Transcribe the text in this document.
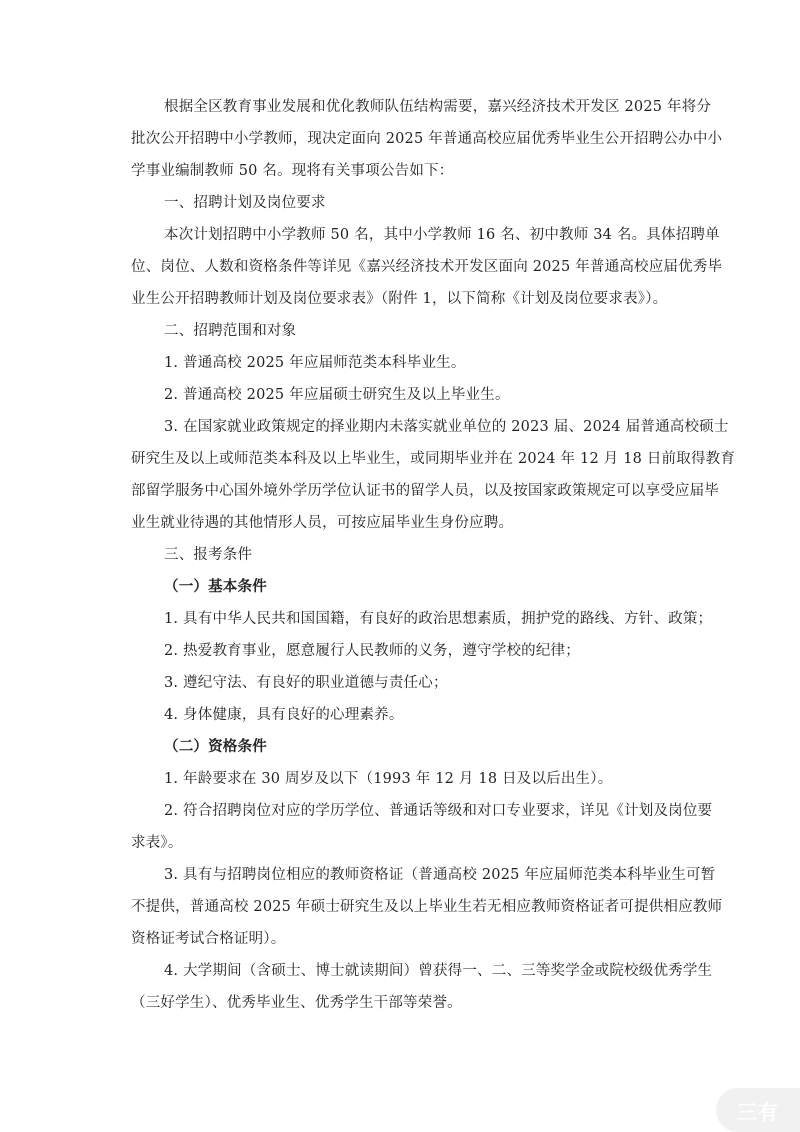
根据全区教育事业发展和优化教师队伍结构需要，嘉兴经济技术开发区 2025 年将分
批次公开招聘中小学教师，现决定面向 2025 年普通高校应届优秀毕业生公开招聘公办中小
学事业编制教师 50 名。现将有关事项公告如下：
一、招聘计划及岗位要求
本次计划招聘中小学教师 50 名，其中小学教师 16 名、初中教师 34 名。具体招聘单
位、岗位、人数和资格条件等详见《嘉兴经济技术开发区面向 2025 年普通高校应届优秀毕
业生公开招聘教师计划及岗位要求表》（附件 1，以下简称《计划及岗位要求表》）。
二、招聘范围和对象
1. 普通高校 2025 年应届师范类本科毕业生。
2. 普通高校 2025 年应届硕士研究生及以上毕业生。
3. 在国家就业政策规定的择业期内未落实就业单位的 2023 届、2024 届普通高校硕士
研究生及以上或师范类本科及以上毕业生，或同期毕业并在 2024 年 12 月 18 日前取得教育
部留学服务中心国外境外学历学位认证书的留学人员，以及按国家政策规定可以享受应届毕
业生就业待遇的其他情形人员，可按应届毕业生身份应聘。
三、报考条件
（一）基本条件
1. 具有中华人民共和国国籍，有良好的政治思想素质，拥护党的路线、方针、政策；
2. 热爱教育事业，愿意履行人民教师的义务，遵守学校的纪律；
3. 遵纪守法、有良好的职业道德与责任心；
4. 身体健康，具有良好的心理素养。
（二）资格条件
1. 年龄要求在 30 周岁及以下（1993 年 12 月 18 日及以后出生）。
2. 符合招聘岗位对应的学历学位、普通话等级和对口专业要求，详见《计划及岗位要
求表》。
3. 具有与招聘岗位相应的教师资格证（普通高校 2025 年应届师范类本科毕业生可暂
不提供，普通高校 2025 年硕士研究生及以上毕业生若无相应教师资格证者可提供相应教师
资格证考试合格证明）。
4. 大学期间（含硕士、博士就读期间）曾获得一、二、三等奖学金或院校级优秀学生
（三好学生）、优秀毕业生、优秀学生干部等荣誉。
三有
